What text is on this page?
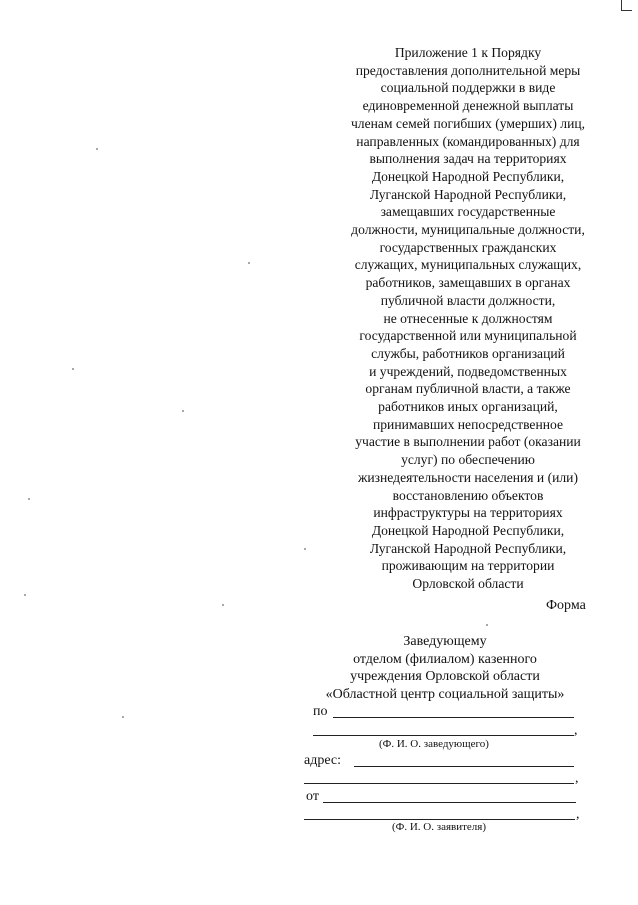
Приложение 1 к Порядку
предоставления дополнительной меры
социальной поддержки в виде
единовременной денежной выплаты
членам семей погибших (умерших) лиц,
направленных (командированных) для
выполнения задач на территориях
Донецкой Народной Республики,
Луганской Народной Республики,
замещавших государственные
должности, муниципальные должности,
государственных гражданских
служащих, муниципальных служащих,
работников, замещавших в органах
публичной власти должности,
не отнесенные к должностям
государственной или муниципальной
службы, работников организаций
и учреждений, подведомственных
органам публичной власти, а также
работников иных организаций,
принимавших непосредственное
участие в выполнении работ (оказании
услуг) по обеспечению
жизнедеятельности населения и (или)
восстановлению объектов
инфраструктуры на территориях
Донецкой Народной Республики,
Луганской Народной Республики,
проживающим на территории
Орловской области
Форма
Заведующему
отделом (филиалом) казенного
учреждения Орловской области
«Областной центр социальной защиты»
по
,
(Ф. И. О. заведующего)
адрес:
,
от
,
(Ф. И. О. заявителя)
